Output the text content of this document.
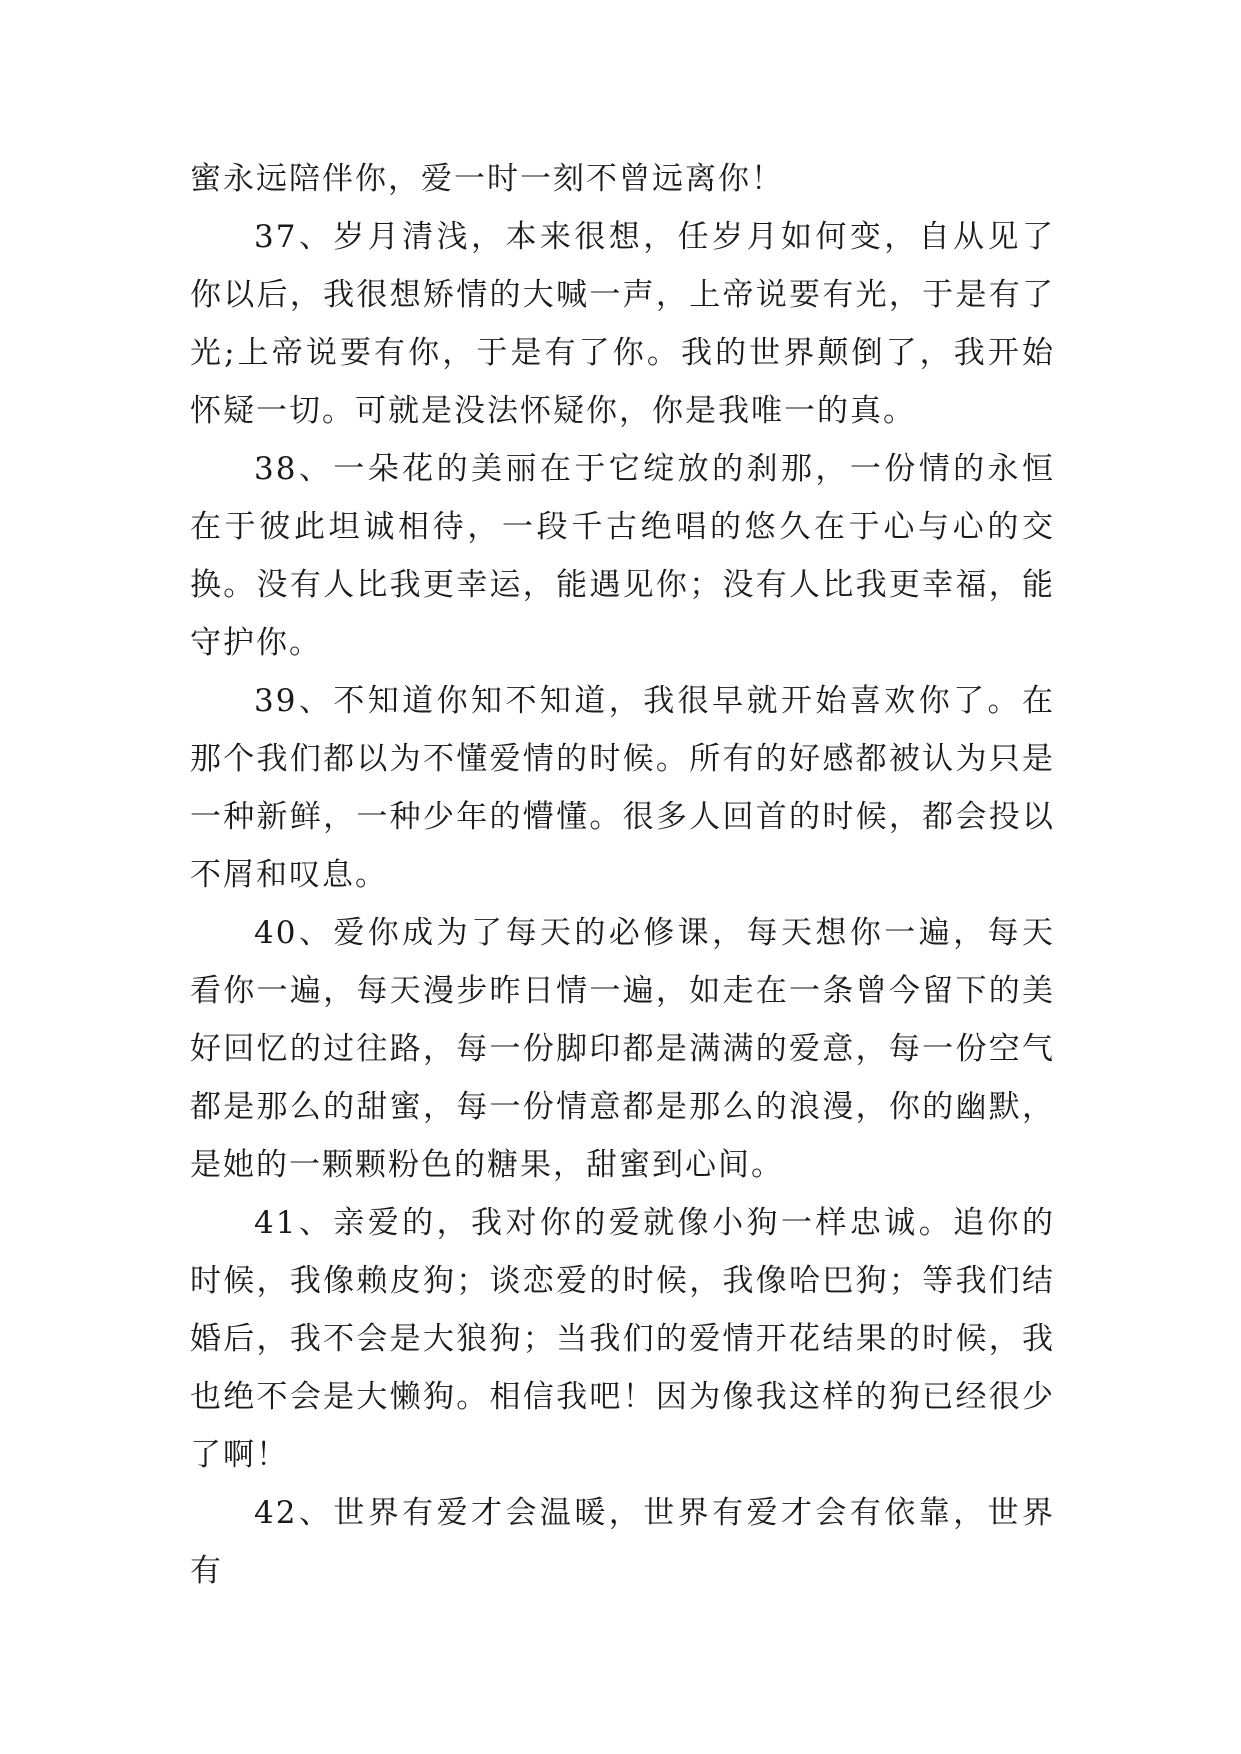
蜜永远陪伴你，爱一时一刻不曾远离你！

37、岁月清浅，本来很想，任岁月如何变，自从见了你以后，我很想矫情的大喊一声，上帝说要有光，于是有了光;上帝说要有你，于是有了你。我的世界颠倒了，我开始怀疑一切。可就是没法怀疑你，你是我唯一的真。

38、一朵花的美丽在于它绽放的刹那，一份情的永恒在于彼此坦诚相待，一段千古绝唱的悠久在于心与心的交换。没有人比我更幸运，能遇见你；没有人比我更幸福，能守护你。

39、不知道你知不知道，我很早就开始喜欢你了。在那个我们都以为不懂爱情的时候。所有的好感都被认为只是一种新鲜，一种少年的懵懂。很多人回首的时候，都会投以不屑和叹息。

40、爱你成为了每天的必修课，每天想你一遍，每天看你一遍，每天漫步昨日情一遍，如走在一条曾今留下的美好回忆的过往路，每一份脚印都是满满的爱意，每一份空气都是那么的甜蜜，每一份情意都是那么的浪漫，你的幽默，是她的一颗颗粉色的糖果，甜蜜到心间。

41、亲爱的，我对你的爱就像小狗一样忠诚。追你的时候，我像赖皮狗；谈恋爱的时候，我像哈巴狗；等我们结婚后，我不会是大狼狗；当我们的爱情开花结果的时候，我也绝不会是大懒狗。相信我吧！因为像我这样的狗已经很少了啊！

42、世界有爱才会温暖，世界有爱才会有依靠，世界有
